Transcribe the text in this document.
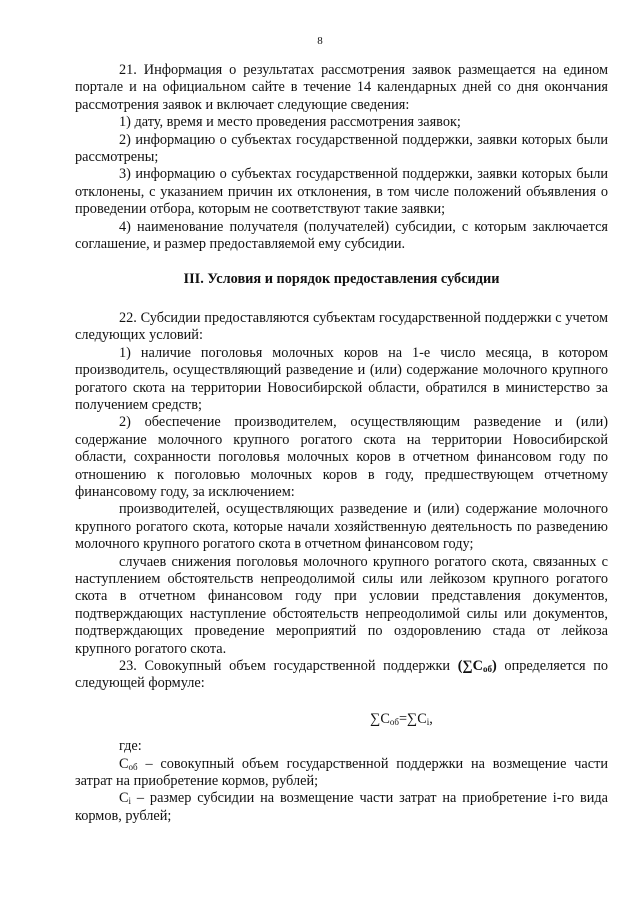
8

21. Информация о результатах рассмотрения заявок размещается на едином портале и на официальном сайте в течение 14 календарных дней со дня окончания рассмотрения заявок и включает следующие сведения:

1) дату, время и место проведения рассмотрения заявок;

2) информацию о субъектах государственной поддержки, заявки которых были рассмотрены;

3) информацию о субъектах государственной поддержки, заявки которых были отклонены, с указанием причин их отклонения, в том числе положений объявления о проведении отбора, которым не соответствуют такие заявки;

4) наименование получателя (получателей) субсидии, с которым заключается соглашение, и размер предоставляемой ему субсидии.

III. Условия и порядок предоставления субсидии

22. Субсидии предоставляются субъектам государственной поддержки с учетом следующих условий:

1) наличие поголовья молочных коров на 1-е число месяца, в котором производитель, осуществляющий разведение и (или) содержание молочного крупного рогатого скота на территории Новосибирской области, обратился в министерство за получением средств;

2) обеспечение производителем, осуществляющим разведение и (или) содержание молочного крупного рогатого скота на территории Новосибирской области, сохранности поголовья молочных коров в отчетном финансовом году по отношению к поголовью молочных коров в году, предшествующем отчетному финансовому году, за исключением:

производителей, осуществляющих разведение и (или) содержание молочного крупного рогатого скота, которые начали хозяйственную деятельность по разведению молочного крупного рогатого скота в отчетном финансовом году;

случаев снижения поголовья молочного крупного рогатого скота, связанных с наступлением обстоятельств непреодолимой силы или лейкозом крупного рогатого скота в отчетном финансовом году при условии представления документов, подтверждающих наступление обстоятельств непреодолимой силы или документов, подтверждающих проведение мероприятий по оздоровлению стада от лейкоза крупного рогатого скота.

23. Совокупный объем государственной поддержки $(\sum С_{об})$ определяется по следующей формуле:

$\sum С_{об}=\sum С_i$,

где:

$С_{об}$ – совокупный объем государственной поддержки на возмещение части затрат на приобретение кормов, рублей;

$С_i$ – размер субсидии на возмещение части затрат на приобретение i-го вида кормов, рублей;
